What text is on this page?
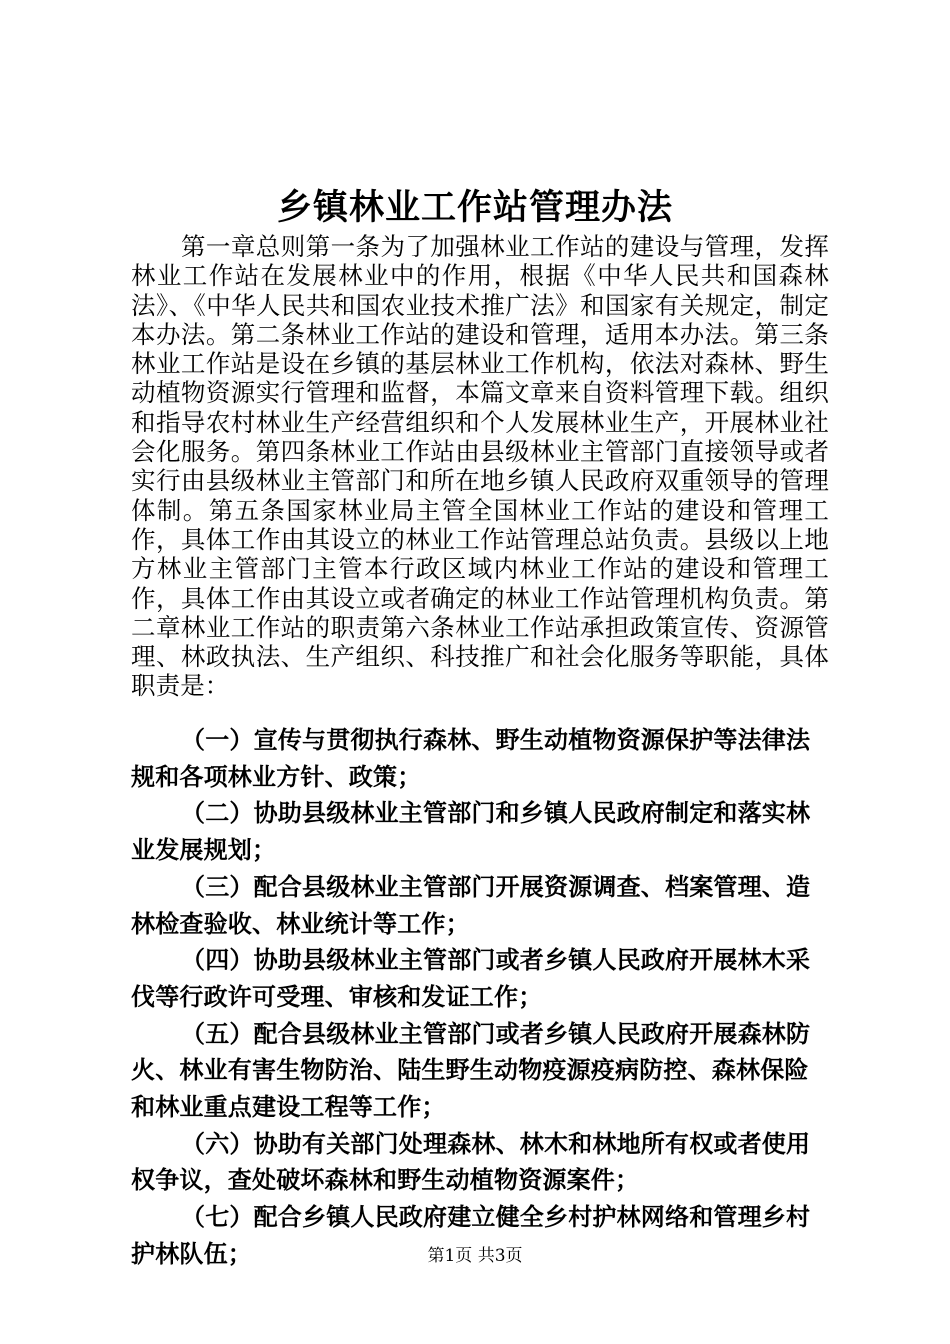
乡镇林业工作站管理办法

第一章总则第一条为了加强林业工作站的建设与管理，发挥林业工作站在发展林业中的作用，根据《中华人民共和国森林法》、《中华人民共和国农业技术推广法》和国家有关规定，制定本办法。第二条林业工作站的建设和管理，适用本办法。第三条林业工作站是设在乡镇的基层林业工作机构，依法对森林、野生动植物资源实行管理和监督，本篇文章来自资料管理下载。组织和指导农村林业生产经营组织和个人发展林业生产，开展林业社会化服务。第四条林业工作站由县级林业主管部门直接领导或者实行由县级林业主管部门和所在地乡镇人民政府双重领导的管理体制。第五条国家林业局主管全国林业工作站的建设和管理工作，具体工作由其设立的林业工作站管理总站负责。县级以上地方林业主管部门主管本行政区域内林业工作站的建设和管理工作，具体工作由其设立或者确定的林业工作站管理机构负责。第二章林业工作站的职责第六条林业工作站承担政策宣传、资源管理、林政执法、生产组织、科技推广和社会化服务等职能，具体职责是：

（一）宣传与贯彻执行森林、野生动植物资源保护等法律法规和各项林业方针、政策；
（二）协助县级林业主管部门和乡镇人民政府制定和落实林业发展规划；
（三）配合县级林业主管部门开展资源调查、档案管理、造林检查验收、林业统计等工作；
（四）协助县级林业主管部门或者乡镇人民政府开展林木采伐等行政许可受理、审核和发证工作；
（五）配合县级林业主管部门或者乡镇人民政府开展森林防火、林业有害生物防治、陆生野生动物疫源疫病防控、森林保险和林业重点建设工程等工作；
（六）协助有关部门处理森林、林木和林地所有权或者使用权争议，查处破坏森林和野生动植物资源案件；
（七）配合乡镇人民政府建立健全乡村护林网络和管理乡村护林队伍；	第1页 共3页
